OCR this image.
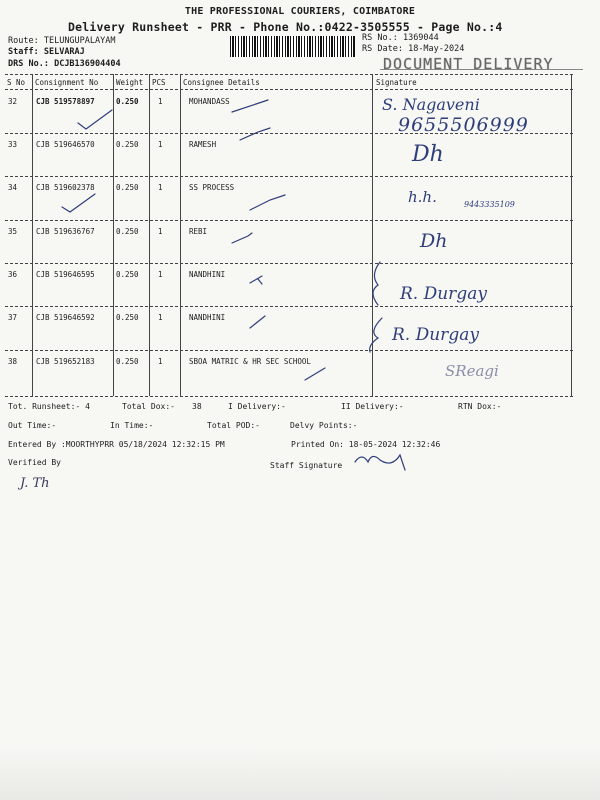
THE PROFESSIONAL COURIERS, COIMBATORE
Delivery Runsheet - PRR - Phone No.:0422-3505555 - Page No.:4
Route: TELUNGUPALAYAM
Staff: SELVARAJ
DRS No.: DCJB136904404
RS No.: 1369044
RS Date: 18-May-2024
DOCUMENT DELIVERY
S No Consignment No Weight PCS Consignee Details	Signature
32	CJB 519578897	0.250	1	MOHANDASS	S. Nagaveni
9655506999
33	CJB 519646570	0.250	1	RAMESH	Dh
34	CJB 519602378	0.250	1	SS PROCESS
h.h.	9443335109
35	CJB 519636767	0.250	1	REBI	Dh
36	CJB 519646595	0.250	1	NANDHINI
R. Durgay
37	CJB 519646592	0.250	1	NANDHINI
R. Durgay
38	CJB 519652183	0.250	1	SBOA MATRIC & HR SEC SCHOOL
SReagi
Tot. Runsheet:- 4	Total Dox:- 38	I Delivery:-	II Delivery:-	RTN Dox:-
Out Time:-	In Time:-	Total POD:-	Delvy Points:-
Entered By :MOORTHYPRR 05/18/2024 12:32:15 PM	Printed On: 18-05-2024 12:32:46
Verified By	Staff Signature
J. Th
